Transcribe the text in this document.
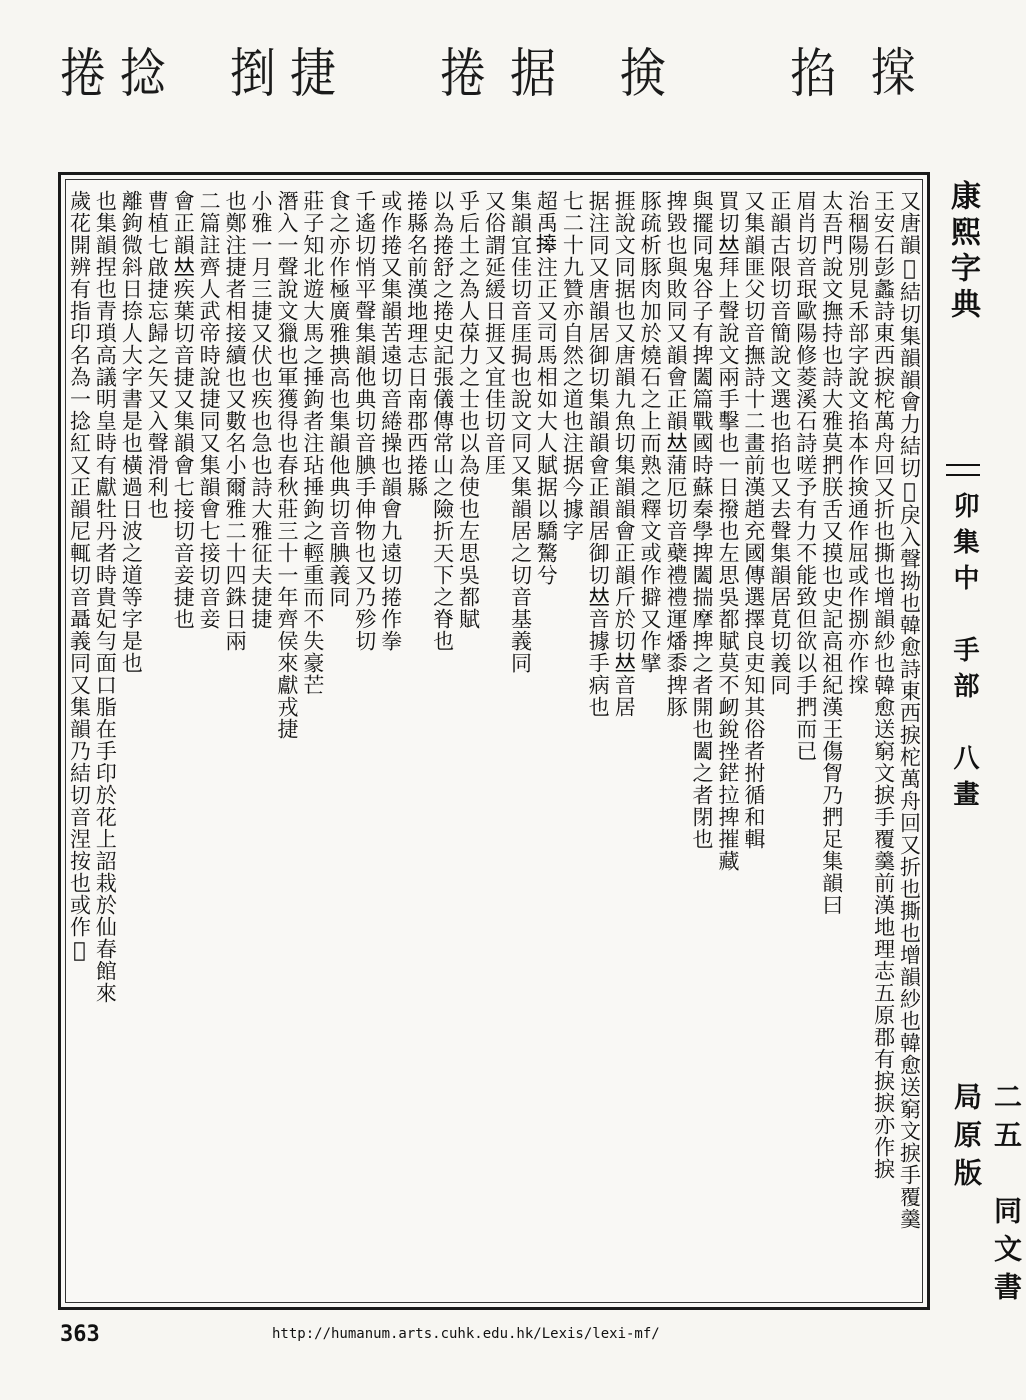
𢴤
掐
𢮦
据
捲
捷
捯
捻
捲
又唐韻𢯏結切集韻韻會力結切𠀤戾入聲拗也韓愈詩東西捩柁萬舟回又折也撕也增韻紗也韓愈送窮文捩手覆羹
王安石彭蠡詩東西捩柁萬舟回又折也撕也增韻紗也韓愈送窮文捩手覆羹前漢地理志五原郡有捩捩亦作捩
治稒陽別見禾部字說文掐本作𢮦通作屈或作捌亦作𢴤
太吾門說文撫持也詩大雅莫捫朕舌又摸也史記高祖紀漢王傷胷乃捫足集韻曰
眉肖切音珉歐陽修菱溪石詩嗟予有力不能致但欲以手捫而已
正韻古限切音簡說文選也掐也又去聲集韻居莧切義同
又集韻匪父切音撫詩十二畫前漢趙充國傳選擇良吏知其俗者拊循和輯
買切𠀤拜上聲說文兩手擊也一日撥也左思吳都賦莫不衂銳挫鋩拉捭摧藏
與擺同鬼谷子有捭闔篇戰國時蘇秦學捭闔揣摩捭之者開也闔之者閉也
捭毀也與敗同又韻會正韻𠀤蒲厄切音蘗禮禮運燔黍捭豚
豚疏析豚肉加於燒石之上而熟之釋文或作擗又作擘
捱說文同据也又唐韻九魚切集韻韻會正韻斤於切𠀤音居
据注同又唐韻居御切集韻韻會正韻居御切𠀤音據手病也
七二十九贊亦自然之道也注据今據字
超禹𢳎注正又司馬相如大人賦据以驕驁兮
集韻宜佳切音厓挶也說文同又集韻居之切音基義同
又俗謂延緩日捱又宜佳切音厓
乎后土之為人葆力之士也以為使也左思吳都賦
以為捲舒之捲史記張儀傳常山之險折天下之脊也
捲縣名前漢地理志日南郡西捲縣
或作捲又集韻苦遠切音綣操也韻會九遠切捲作拳
千遙切悄平聲集韻他典切音腆手伸物也又乃殄切
食之亦作極廣雅捵高也集韻他典切音腆義同
莊子知北遊大馬之捶鉤者注玷捶鉤之輕重而不失豪芒
潛入一聲說文獵也軍獲得也春秋莊三十一年齊侯來獻戎捷
小雅一月三捷又伏也疾也急也詩大雅征夫捷捷
也鄭注捷者相接續也又數名小爾雅二十四銖日兩
二篇註齊人武帝時說捷同又集韻會七接切音妾
會正韻𠀤疾葉切音捷又集韻會七接切音妾捷也
曹植七啟捷忘歸之矢又入聲滑利也
離鉤微斜日捺人大字書是也橫過日波之道等字是也
也集韻捏也青瑣高議明皇時有獻牡丹者時貴妃勻面口脂在手印於花上詔栽於仙春館來
歲花開辨有指印名為一捻紅又正韻尼輒切音聶義同又集韻乃結切音涅按也或作𢬍	康熙字典
卯集中　手部　八畫
二五　同文書局原版
363	http://humanum.arts.cuhk.edu.hk/Lexis/lexi-mf/
